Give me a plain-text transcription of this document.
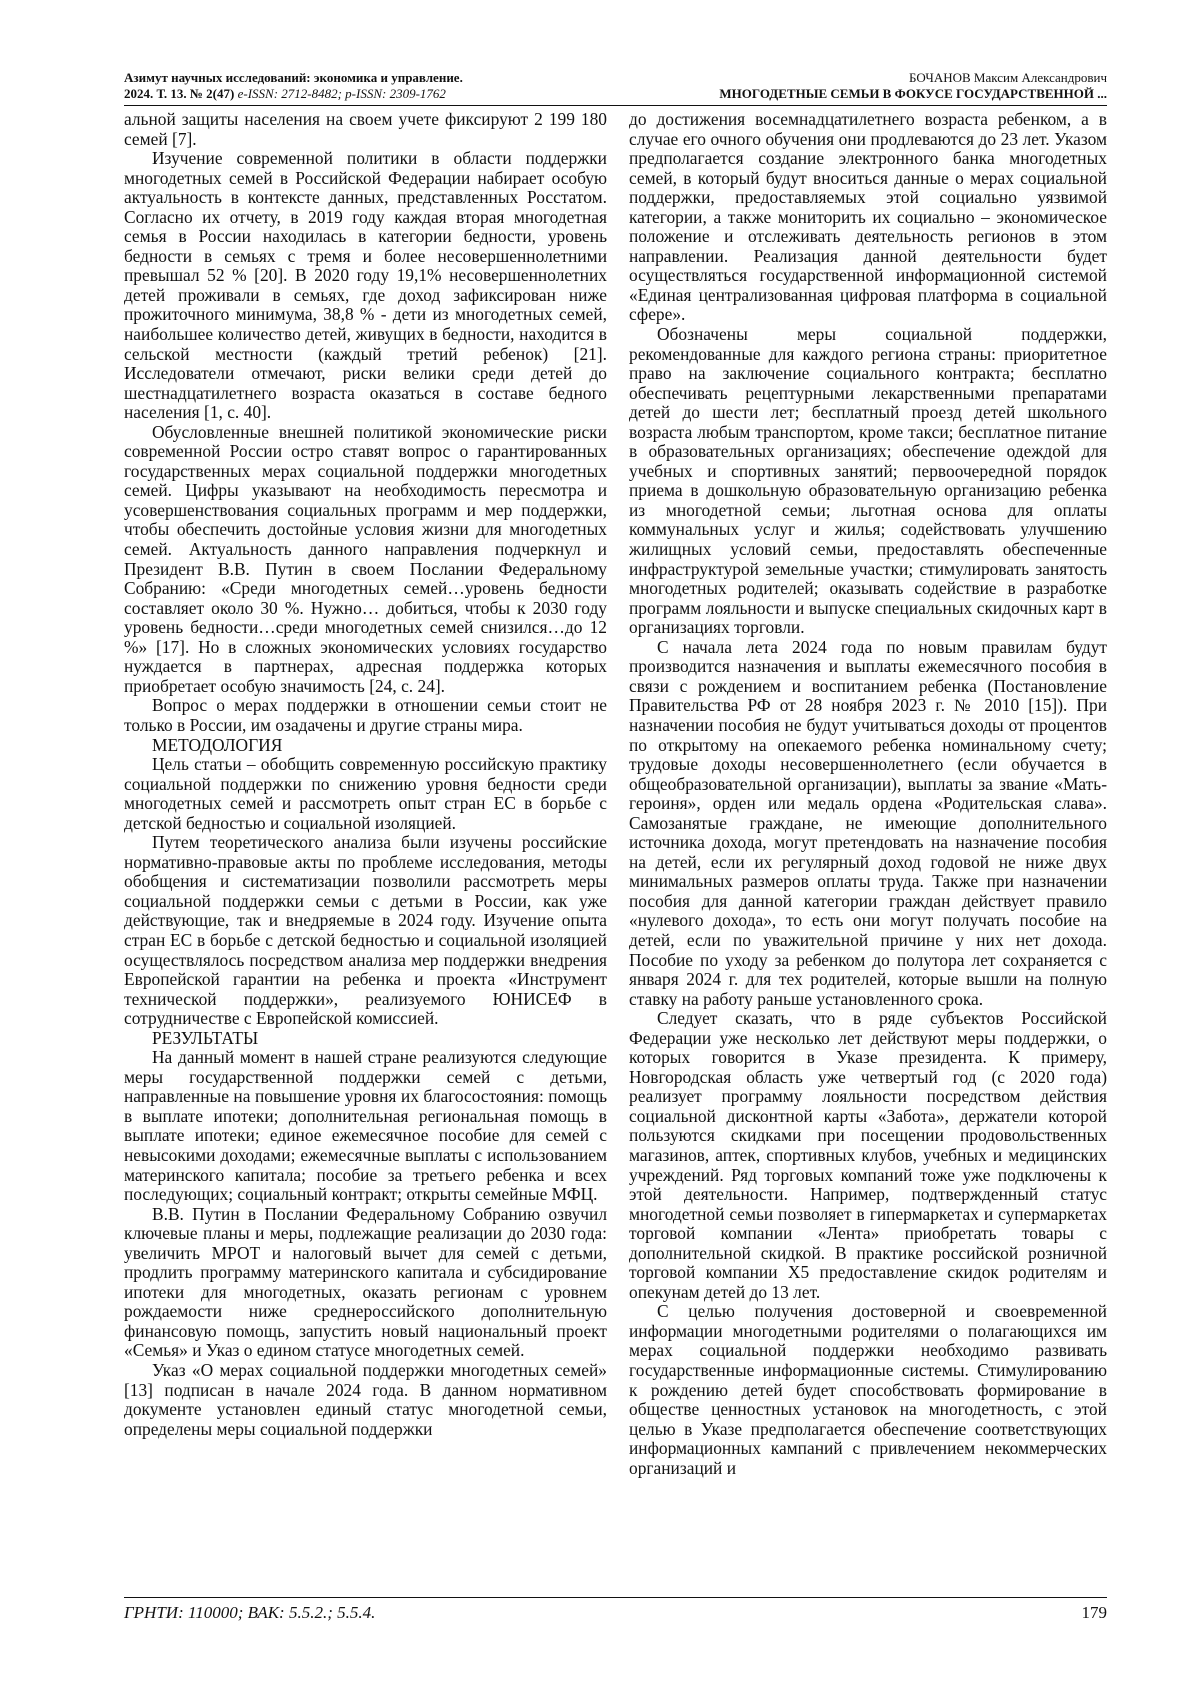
Азимут научных исследований: экономика и управление.
2024. Т. 13. № 2(47) e-ISSN: 2712-8482; p-ISSN: 2309-1762
БОЧАНОВ Максим Александрович
МНОГОДЕТНЫЕ СЕМЬИ В ФОКУСЕ ГОСУДАРСТВЕННОЙ ...

альной защиты населения на своем учете фиксируют 2 199 180 семей [7].

Изучение современной политики в области поддержки многодетных семей в Российской Федерации набирает особую актуальность в контексте данных, представленных Росстатом. Согласно их отчету, в 2019 году каждая вторая многодетная семья в России находилась в категории бедности, уровень бедности в семьях с тремя и более несовершеннолетними превышал 52 % [20]. В 2020 году 19,1% несовершеннолетних детей проживали в семьях, где доход зафиксирован ниже прожиточного минимума, 38,8 % - дети из многодетных семей, наибольшее количество детей, живущих в бедности, находится в сельской местности (каждый третий ребенок) [21]. Исследователи отмечают, риски велики среди детей до шестнадцатилетнего возраста оказаться в составе бедного населения [1, с. 40].

Обусловленные внешней политикой экономические риски современной России остро ставят вопрос о гарантированных государственных мерах социальной поддержки многодетных семей. Цифры указывают на необходимость пересмотра и усовершенствования социальных программ и мер поддержки, чтобы обеспечить достойные условия жизни для многодетных семей. Актуальность данного направления подчеркнул и Президент В.В. Путин в своем Послании Федеральному Собранию: «Среди многодетных семей…уровень бедности составляет около 30 %. Нужно… добиться, чтобы к 2030 году уровень бедности…среди многодетных семей снизился…до 12 %» [17]. Но в сложных экономических условиях государство нуждается в партнерах, адресная поддержка которых приобретает особую значимость [24, с. 24].

Вопрос о мерах поддержки в отношении семьи стоит не только в России, им озадачены и другие страны мира.

МЕТОДОЛОГИЯ

Цель статьи – обобщить современную российскую практику социальной поддержки по снижению уровня бедности среди многодетных семей и рассмотреть опыт стран ЕС в борьбе с детской бедностью и социальной изоляцией.

Путем теоретического анализа были изучены российские нормативно-правовые акты по проблеме исследования, методы обобщения и систематизации позволили рассмотреть меры социальной поддержки семьи с детьми в России, как уже действующие, так и внедряемые в 2024 году. Изучение опыта стран ЕС в борьбе с детской бедностью и социальной изоляцией осуществлялось посредством анализа мер поддержки внедрения Европейской гарантии на ребенка и проекта «Инструмент технической поддержки», реализуемого ЮНИСЕФ в сотрудничестве с Европейской комиссией.

РЕЗУЛЬТАТЫ

На данный момент в нашей стране реализуются следующие меры государственной поддержки семей с детьми, направленные на повышение уровня их благосостояния: помощь в выплате ипотеки; дополнительная региональная помощь в выплате ипотеки; единое ежемесячное пособие для семей с невысокими доходами; ежемесячные выплаты с использованием материнского капитала; пособие за третьего ребенка и всех последующих; социальный контракт; открыты семейные МФЦ.

В.В. Путин в Послании Федеральному Собранию озвучил ключевые планы и меры, подлежащие реализации до 2030 года: увеличить МРОТ и налоговый вычет для семей с детьми, продлить программу материнского капитала и субсидирование ипотеки для многодетных, оказать регионам с уровнем рождаемости ниже среднероссийского дополнительную финансовую помощь, запустить новый национальный проект «Семья» и Указ о едином статусе многодетных семей.

Указ «О мерах социальной поддержки многодетных семей» [13] подписан в начале 2024 года. В данном нормативном документе установлен единый статус многодетной семьи, определены меры социальной поддержки

до достижения восемнадцатилетнего возраста ребенком, а в случае его очного обучения они продлеваются до 23 лет. Указом предполагается создание электронного банка многодетных семей, в который будут вноситься данные о мерах социальной поддержки, предоставляемых этой социально уязвимой категории, а также мониторить их социально – экономическое положение и отслеживать деятельность регионов в этом направлении. Реализация данной деятельности будет осуществляться государственной информационной системой «Единая централизованная цифровая платформа в социальной сфере».

Обозначены меры социальной поддержки, рекомендованные для каждого региона страны: приоритетное право на заключение социального контракта; бесплатно обеспечивать рецептурными лекарственными препаратами детей до шести лет; бесплатный проезд детей школьного возраста любым транспортом, кроме такси; бесплатное питание в образовательных организациях; обеспечение одеждой для учебных и спортивных занятий; первоочередной порядок приема в дошкольную образовательную организацию ребенка из многодетной семьи; льготная основа для оплаты коммунальных услуг и жилья; содействовать улучшению жилищных условий семьи, предоставлять обеспеченные инфраструктурой земельные участки; стимулировать занятость многодетных родителей; оказывать содействие в разработке программ лояльности и выпуске специальных скидочных карт в организациях торговли.

С начала лета 2024 года по новым правилам будут производится назначения и выплаты ежемесячного пособия в связи с рождением и воспитанием ребенка (Постановление Правительства РФ от 28 ноября 2023 г. № 2010 [15]). При назначении пособия не будут учитываться доходы от процентов по открытому на опекаемого ребенка номинальному счету; трудовые доходы несовершеннолетнего (если обучается в общеобразовательной организации), выплаты за звание «Мать-героиня», орден или медаль ордена «Родительская слава». Самозанятые граждане, не имеющие дополнительного источника дохода, могут претендовать на назначение пособия на детей, если их регулярный доход годовой не ниже двух минимальных размеров оплаты труда. Также при назначении пособия для данной категории граждан действует правило «нулевого дохода», то есть они могут получать пособие на детей, если по уважительной причине у них нет дохода. Пособие по уходу за ребенком до полутора лет сохраняется с января 2024 г. для тех родителей, которые вышли на полную ставку на работу раньше установленного срока.

Следует сказать, что в ряде субъектов Российской Федерации уже несколько лет действуют меры поддержки, о которых говорится в Указе президента. К примеру, Новгородская область уже четвертый год (с 2020 года) реализует программу лояльности посредством действия социальной дисконтной карты «Забота», держатели которой пользуются скидками при посещении продовольственных магазинов, аптек, спортивных клубов, учебных и медицинских учреждений. Ряд торговых компаний тоже уже подключены к этой деятельности. Например, подтвержденный статус многодетной семьи позволяет в гипермаркетах и супермаркетах торговой компании «Лента» приобретать товары с дополнительной скидкой. В практике российской розничной торговой компании Х5 предоставление скидок родителям и опекунам детей до 13 лет.

С целью получения достоверной и своевременной информации многодетными родителями о полагающихся им мерах социальной поддержки необходимо развивать государственные информационные системы. Стимулированию к рождению детей будет способствовать формирование в обществе ценностных установок на многодетность, с этой целью в Указе предполагается обеспечение соответствующих информационных кампаний с привлечением некоммерческих организаций и

ГРНТИ: 110000; ВАК: 5.5.2.; 5.5.4.	179
